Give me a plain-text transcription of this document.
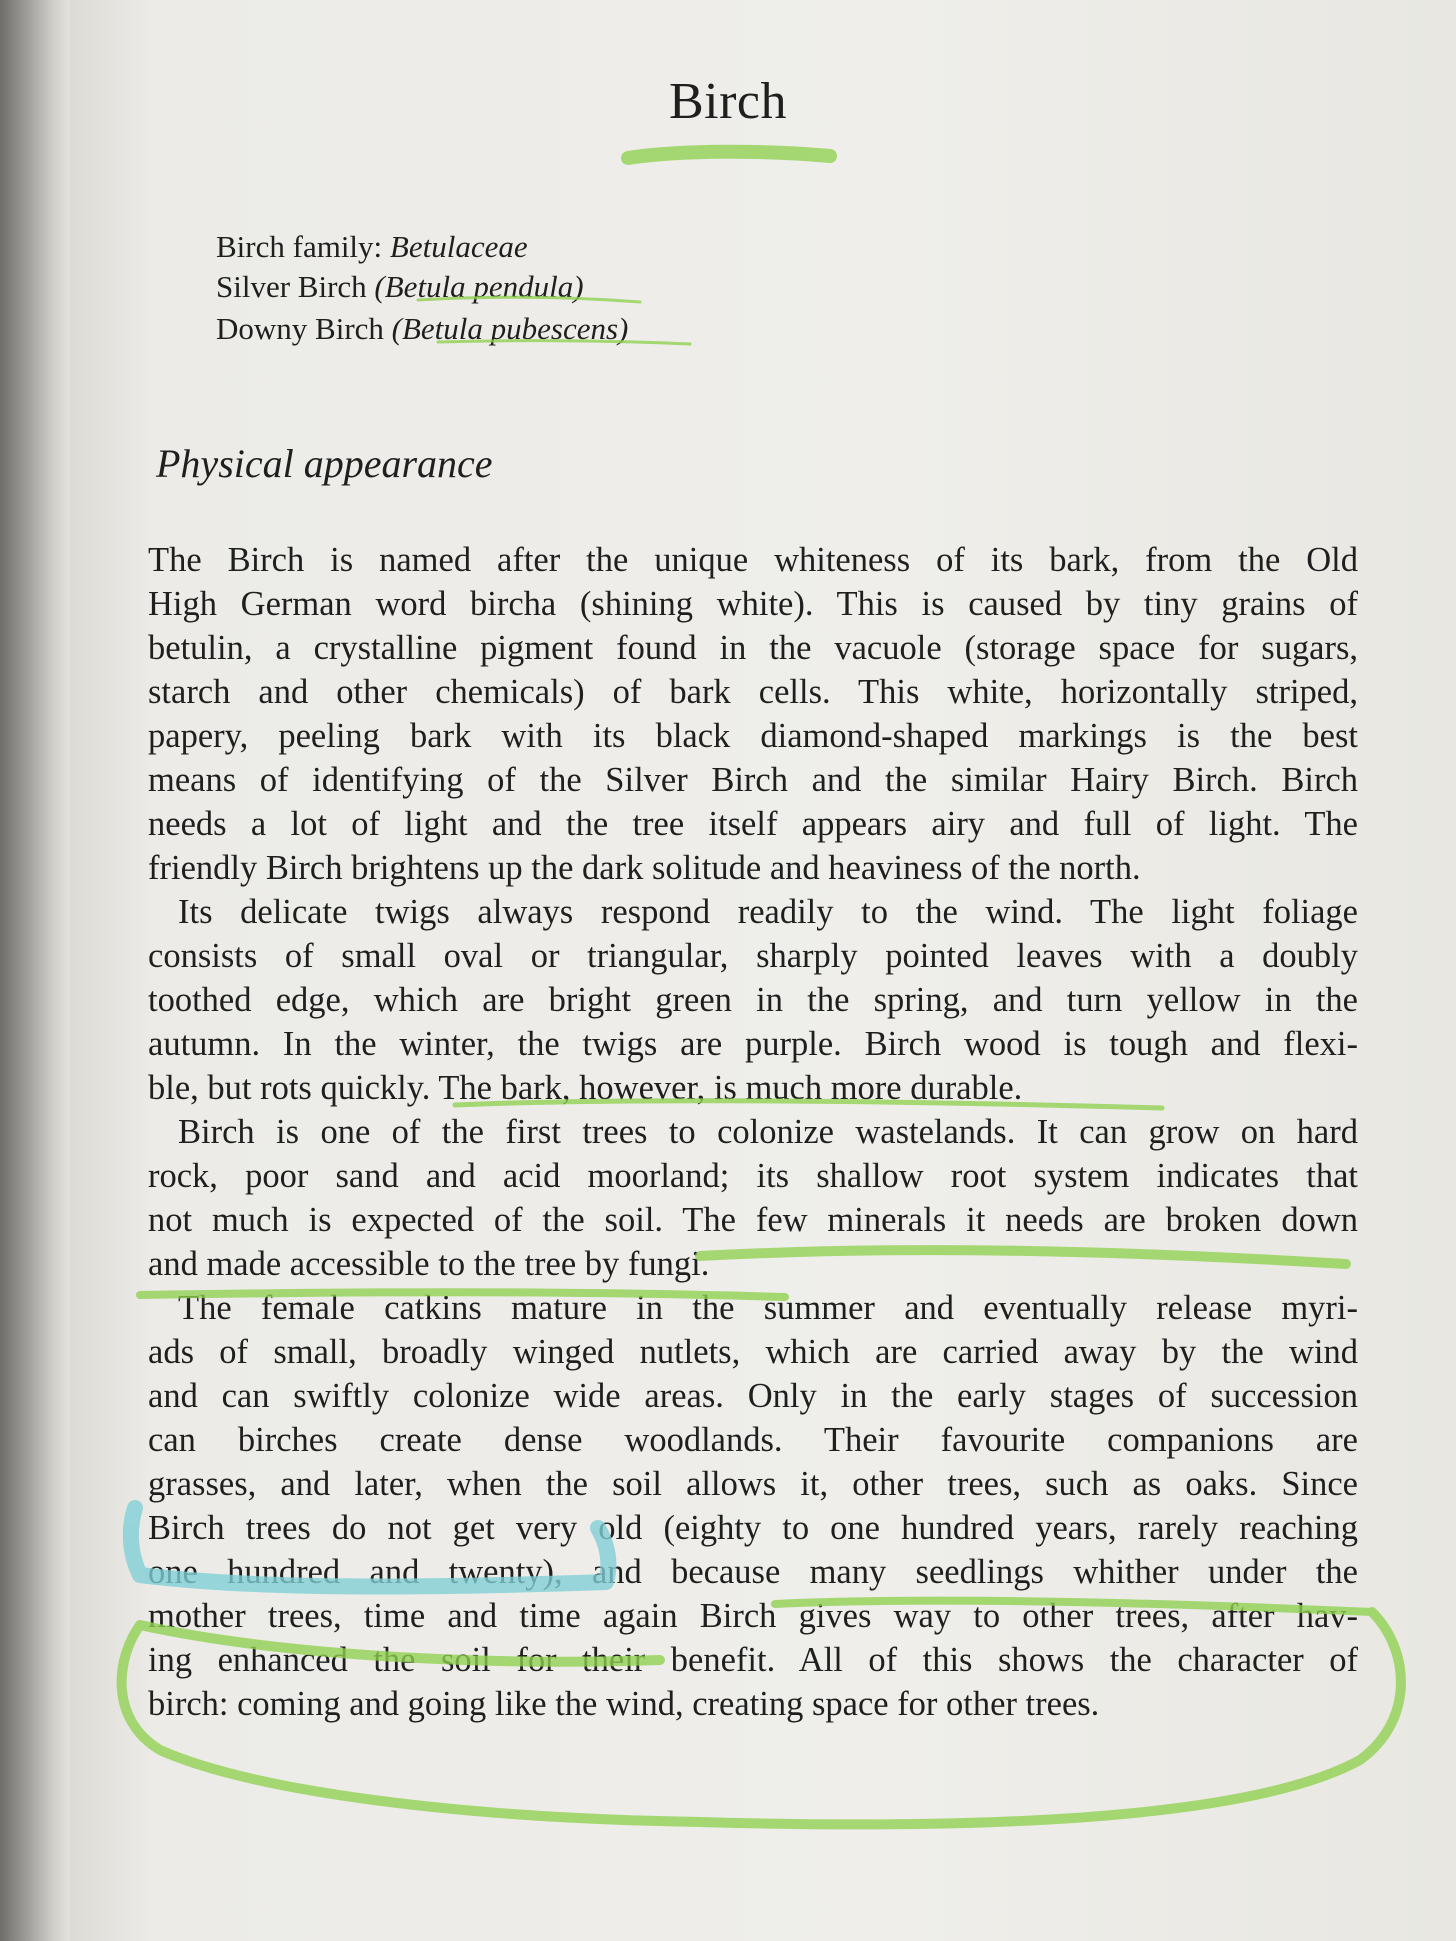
Birch
Birch family: Betulaceae
Silver Birch (Betula pendula)
Downy Birch (Betula pubescens)
Physical appearance
The Birch is named after the unique whiteness of its bark, from the Old
High German word bircha (shining white). This is caused by tiny grains of
betulin, a crystalline pigment found in the vacuole (storage space for sugars,
starch and other chemicals) of bark cells. This white, horizontally striped,
papery, peeling bark with its black diamond-shaped markings is the best
means of identifying of the Silver Birch and the similar Hairy Birch. Birch
needs a lot of light and the tree itself appears airy and full of light. The
friendly Birch brightens up the dark solitude and heaviness of the north.
Its delicate twigs always respond readily to the wind. The light foliage
consists of small oval or triangular, sharply pointed leaves with a doubly
toothed edge, which are bright green in the spring, and turn yellow in the
autumn. In the winter, the twigs are purple. Birch wood is tough and flexi-
ble, but rots quickly. The bark, however, is much more durable.
Birch is one of the first trees to colonize wastelands. It can grow on hard
rock, poor sand and acid moorland; its shallow root system indicates that
not much is expected of the soil. The few minerals it needs are broken down
and made accessible to the tree by fungi.
The female catkins mature in the summer and eventually release myri-
ads of small, broadly winged nutlets, which are carried away by the wind
and can swiftly colonize wide areas. Only in the early stages of succession
can birches create dense woodlands. Their favourite companions are
grasses, and later, when the soil allows it, other trees, such as oaks. Since
Birch trees do not get very old (eighty to one hundred years, rarely reaching
one hundred and twenty), and because many seedlings whither under the
mother trees, time and time again Birch gives way to other trees, after hav-
ing enhanced the soil for their benefit. All of this shows the character of
birch: coming and going like the wind, creating space for other trees.
